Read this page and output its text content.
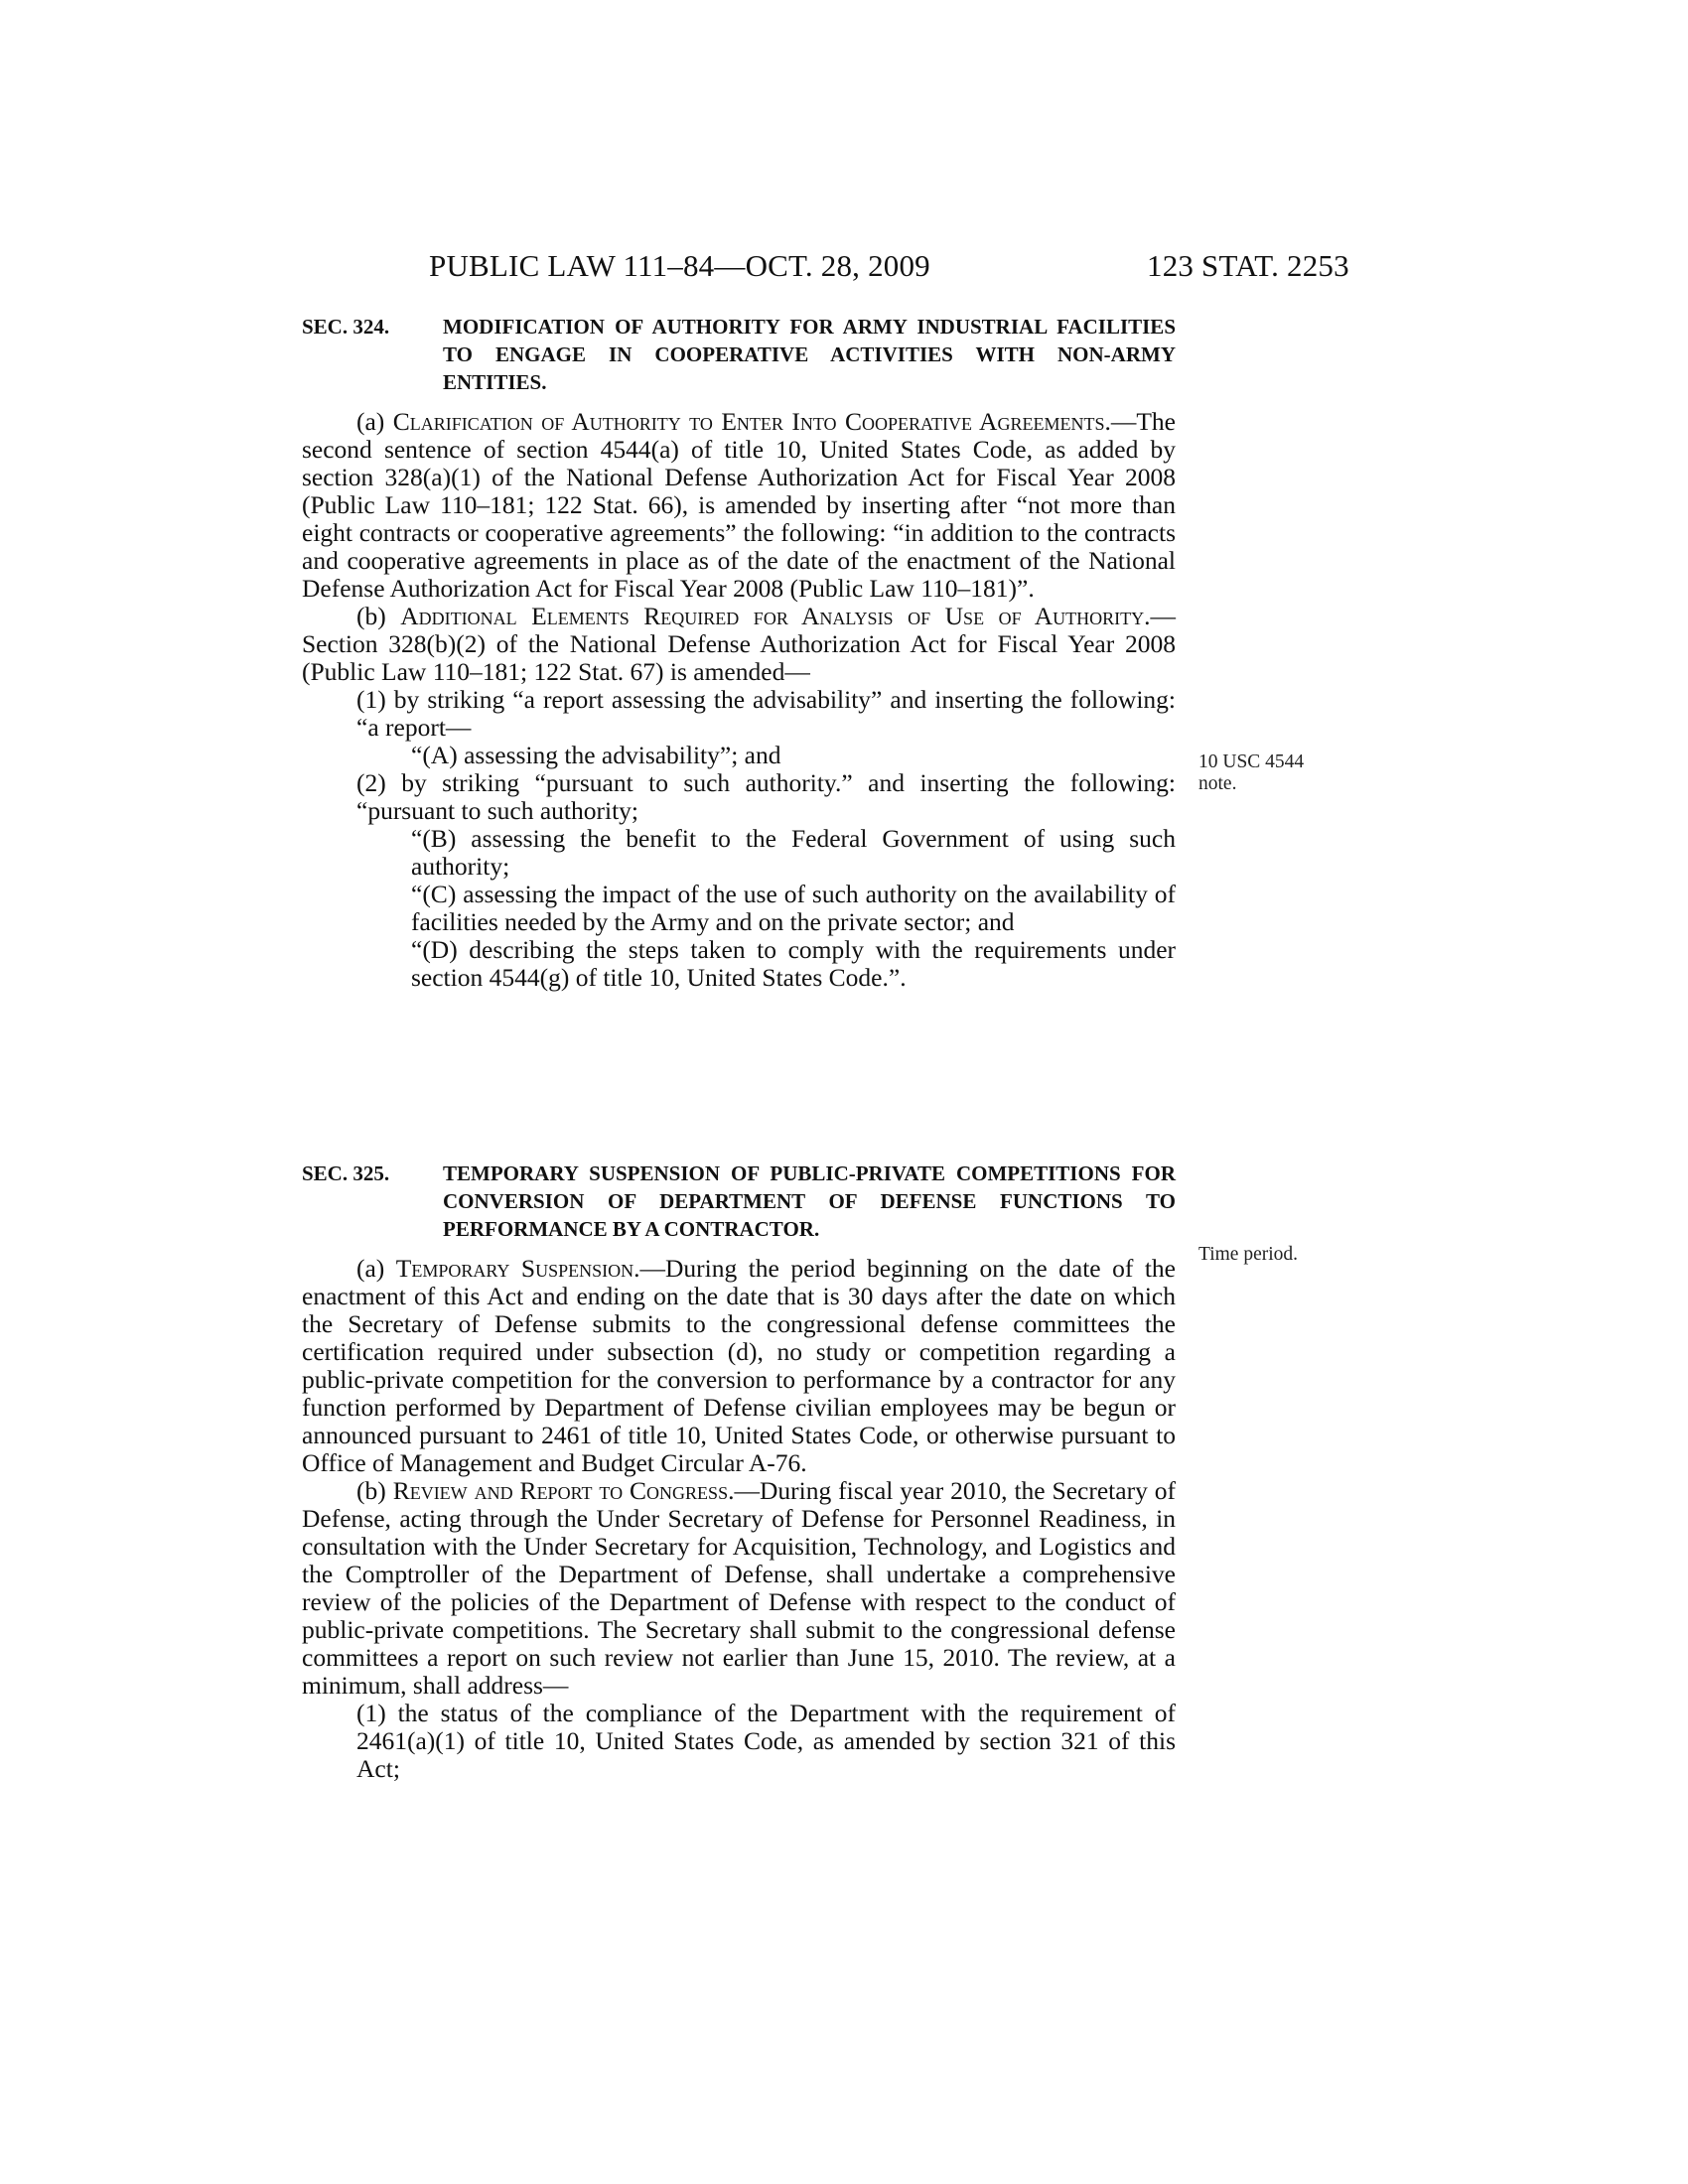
PUBLIC LAW 111–84—OCT. 28, 2009	123 STAT. 2253
SEC. 324.	MODIFICATION OF AUTHORITY FOR ARMY INDUSTRIAL FACILITIES TO ENGAGE IN COOPERATIVE ACTIVITIES WITH NON-ARMY ENTITIES.

(a) Clarification of Authority to Enter Into Cooperative Agreements.—The second sentence of section 4544(a) of title 10, United States Code, as added by section 328(a)(1) of the National Defense Authorization Act for Fiscal Year 2008 (Public Law 110–181; 122 Stat. 66), is amended by inserting after “not more than eight contracts or cooperative agreements” the following: “in addition to the contracts and cooperative agreements in place as of the date of the enactment of the National Defense Authorization Act for Fiscal Year 2008 (Public Law 110–181)”.

(b) Additional Elements Required for Analysis of Use of Authority.—Section 328(b)(2) of the National Defense Authorization Act for Fiscal Year 2008 (Public Law 110–181; 122 Stat. 67) is amended—

(1) by striking “a report assessing the advisability” and inserting the following: “a report—

“(A) assessing the advisability”; and

(2) by striking “pursuant to such authority.” and inserting the following: “pursuant to such authority;

“(B) assessing the benefit to the Federal Government of using such authority;

“(C) assessing the impact of the use of such authority on the availability of facilities needed by the Army and on the private sector; and

“(D) describing the steps taken to comply with the requirements under section 4544(g) of title 10, United States Code.”.

SEC. 325.	TEMPORARY SUSPENSION OF PUBLIC-PRIVATE COMPETITIONS FOR CONVERSION OF DEPARTMENT OF DEFENSE FUNCTIONS TO PERFORMANCE BY A CONTRACTOR.

(a) Temporary Suspension.—During the period beginning on the date of the enactment of this Act and ending on the date that is 30 days after the date on which the Secretary of Defense submits to the congressional defense committees the certification required under subsection (d), no study or competition regarding a public-private competition for the conversion to performance by a contractor for any function performed by Department of Defense civilian employees may be begun or announced pursuant to 2461 of title 10, United States Code, or otherwise pursuant to Office of Management and Budget Circular A-76.

(b) Review and Report to Congress.—During fiscal year 2010, the Secretary of Defense, acting through the Under Secretary of Defense for Personnel Readiness, in consultation with the Under Secretary for Acquisition, Technology, and Logistics and the Comptroller of the Department of Defense, shall undertake a comprehensive review of the policies of the Department of Defense with respect to the conduct of public-private competitions. The Secretary shall submit to the congressional defense committees a report on such review not earlier than June 15, 2010. The review, at a minimum, shall address—

(1) the status of the compliance of the Department with the requirement of 2461(a)(1) of title 10, United States Code, as amended by section 321 of this Act;

10 USC 4544
note.
Time period.
